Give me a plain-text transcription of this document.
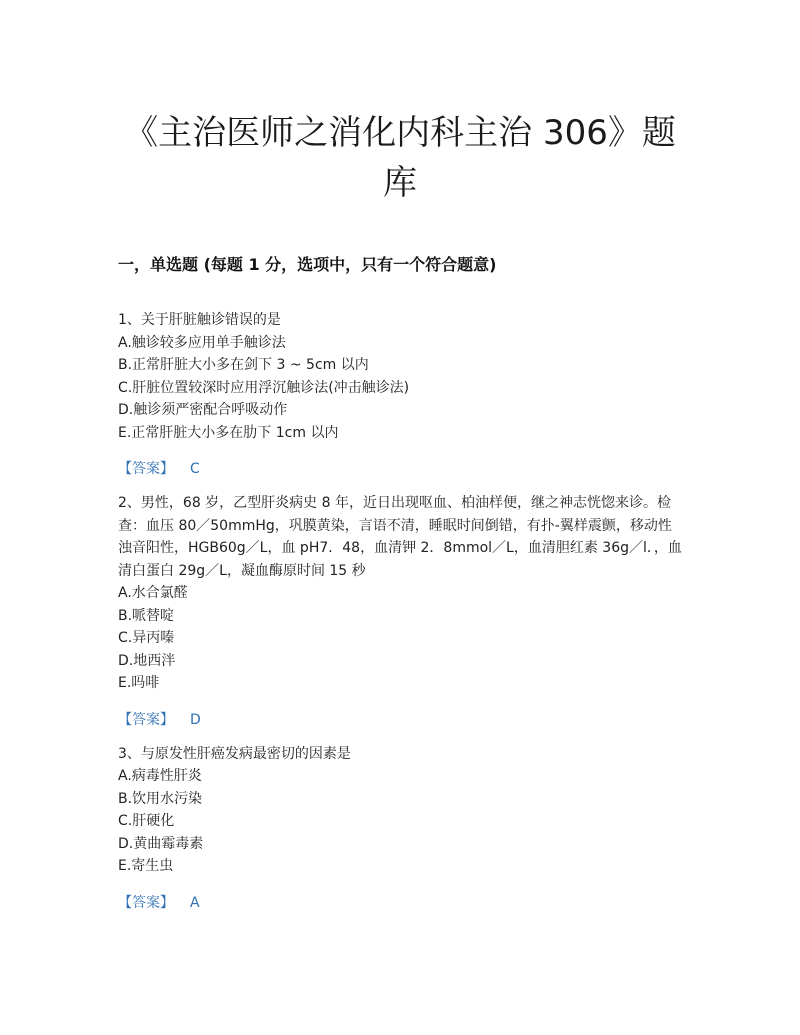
《主治医师之消化内科主治 306》题库
一，单选题 (每题 1 分，选项中，只有一个符合题意)

1、关于肝脏触诊错误的是

A.触诊较多应用单手触诊法

B.正常肝脏大小多在剑下 3 ~ 5cm 以内

C.肝脏位置较深时应用浮沉触诊法(冲击触诊法)

D.触诊须严密配合呼吸动作

E.正常肝脏大小多在肋下 1cm 以内

【答案】 C

2、男性，68 岁，乙型肝炎病史 8 年，近日出现呕血、柏油样便，继之神志恍惚来诊。检查：血压 80／50mmHg，巩膜黄染，言语不清，睡眠时间倒错，有扑-翼样震颤，移动性浊音阳性，HGB60g／L，血 pH7．48，血清钾 2．8mmol／L，血清胆红素 36g／l．，血清白蛋白 29g／L，凝血酶原时间 15 秒

A.水合氯醛

B.哌替啶

C.异丙嗪

D.地西泮

E.吗啡

【答案】 D

3、与原发性肝癌发病最密切的因素是

A.病毒性肝炎

B.饮用水污染

C.肝硬化

D.黄曲霉毒素

E.寄生虫

【答案】 A
